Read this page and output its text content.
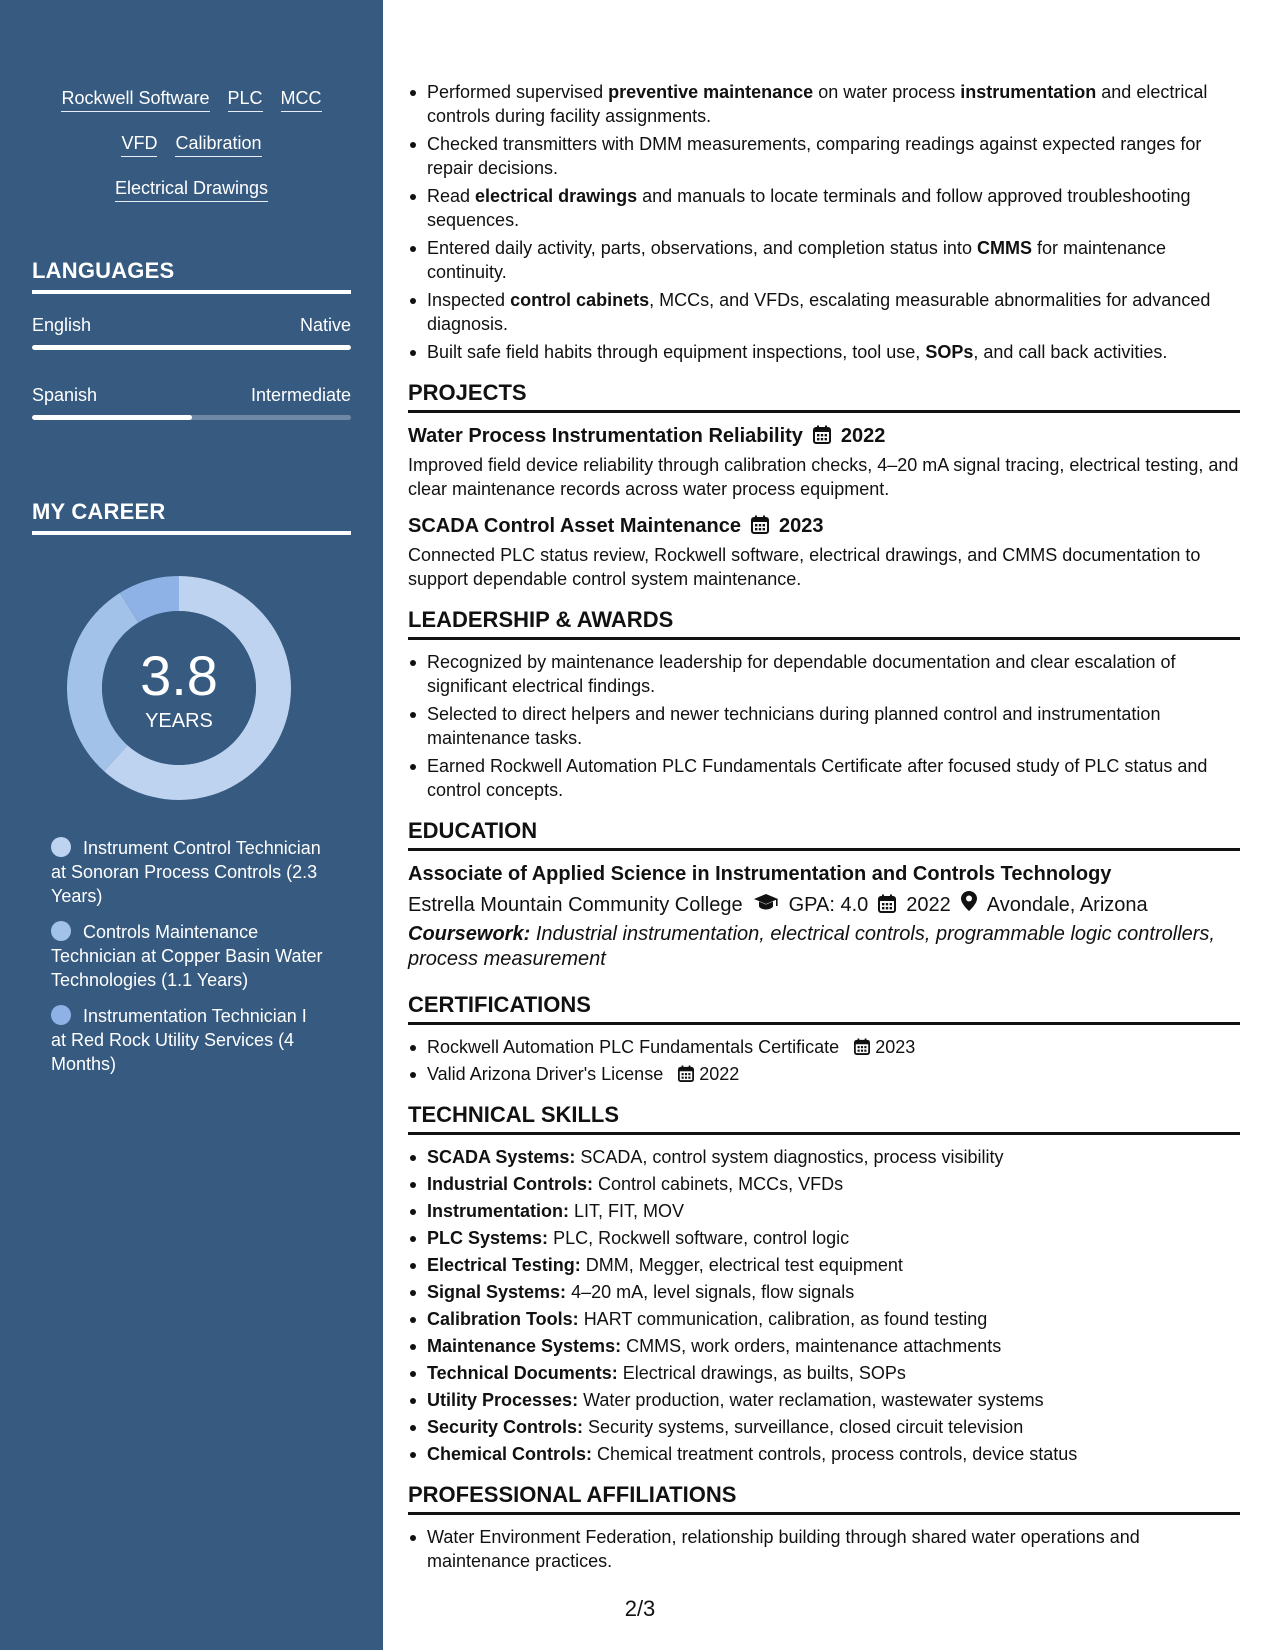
Rockwell Software PLC MCC
VFD Calibration
Electrical Drawings
LANGUAGES
English	Native
Spanish	Intermediate
MY CAREER
3.8
YEARS
Instrument Control Technician at Sonoran Process Controls (2.3 Years)
Controls Maintenance Technician at Copper Basin Water Technologies (1.1 Years)
Instrumentation Technician I at Red Rock Utility Services (4 Months)
Performed supervised preventive maintenance on water process instrumentation and electrical controls during facility assignments.
Checked transmitters with DMM measurements, comparing readings against expected ranges for repair decisions.
Read electrical drawings and manuals to locate terminals and follow approved troubleshooting sequences.
Entered daily activity, parts, observations, and completion status into CMMS for maintenance continuity.
Inspected control cabinets, MCCs, and VFDs, escalating measurable abnormalities for advanced diagnosis.
Built safe field habits through equipment inspections, tool use, SOPs, and call back activities.
PROJECTS
Water Process Instrumentation Reliability 2022

Improved field device reliability through calibration checks, 4–20 mA signal tracing, electrical testing, and clear maintenance records across water process equipment.

SCADA Control Asset Maintenance 2023

Connected PLC status review, Rockwell software, electrical drawings, and CMMS documentation to support dependable control system maintenance.

LEADERSHIP & AWARDS
Recognized by maintenance leadership for dependable documentation and clear escalation of significant electrical findings.
Selected to direct helpers and newer technicians during planned control and instrumentation maintenance tasks.
Earned Rockwell Automation PLC Fundamentals Certificate after focused study of PLC status and control concepts.
EDUCATION
Associate of Applied Science in Instrumentation and Controls Technology
Estrella Mountain Community College GPA: 4.0 2022 Avondale, Arizona

Coursework: Industrial instrumentation, electrical controls, programmable logic controllers, process measurement

CERTIFICATIONS
Rockwell Automation PLC Fundamentals Certificate 2023
Valid Arizona Driver's License 2022
TECHNICAL SKILLS
SCADA Systems: SCADA, control system diagnostics, process visibility
Industrial Controls: Control cabinets, MCCs, VFDs
Instrumentation: LIT, FIT, MOV
PLC Systems: PLC, Rockwell software, control logic
Electrical Testing: DMM, Megger, electrical test equipment
Signal Systems: 4–20 mA, level signals, flow signals
Calibration Tools: HART communication, calibration, as found testing
Maintenance Systems: CMMS, work orders, maintenance attachments
Technical Documents: Electrical drawings, as builts, SOPs
Utility Processes: Water production, water reclamation, wastewater systems
Security Controls: Security systems, surveillance, closed circuit television
Chemical Controls: Chemical treatment controls, process controls, device status
PROFESSIONAL AFFILIATIONS
Water Environment Federation, relationship building through shared water operations and maintenance practices.
2/3
